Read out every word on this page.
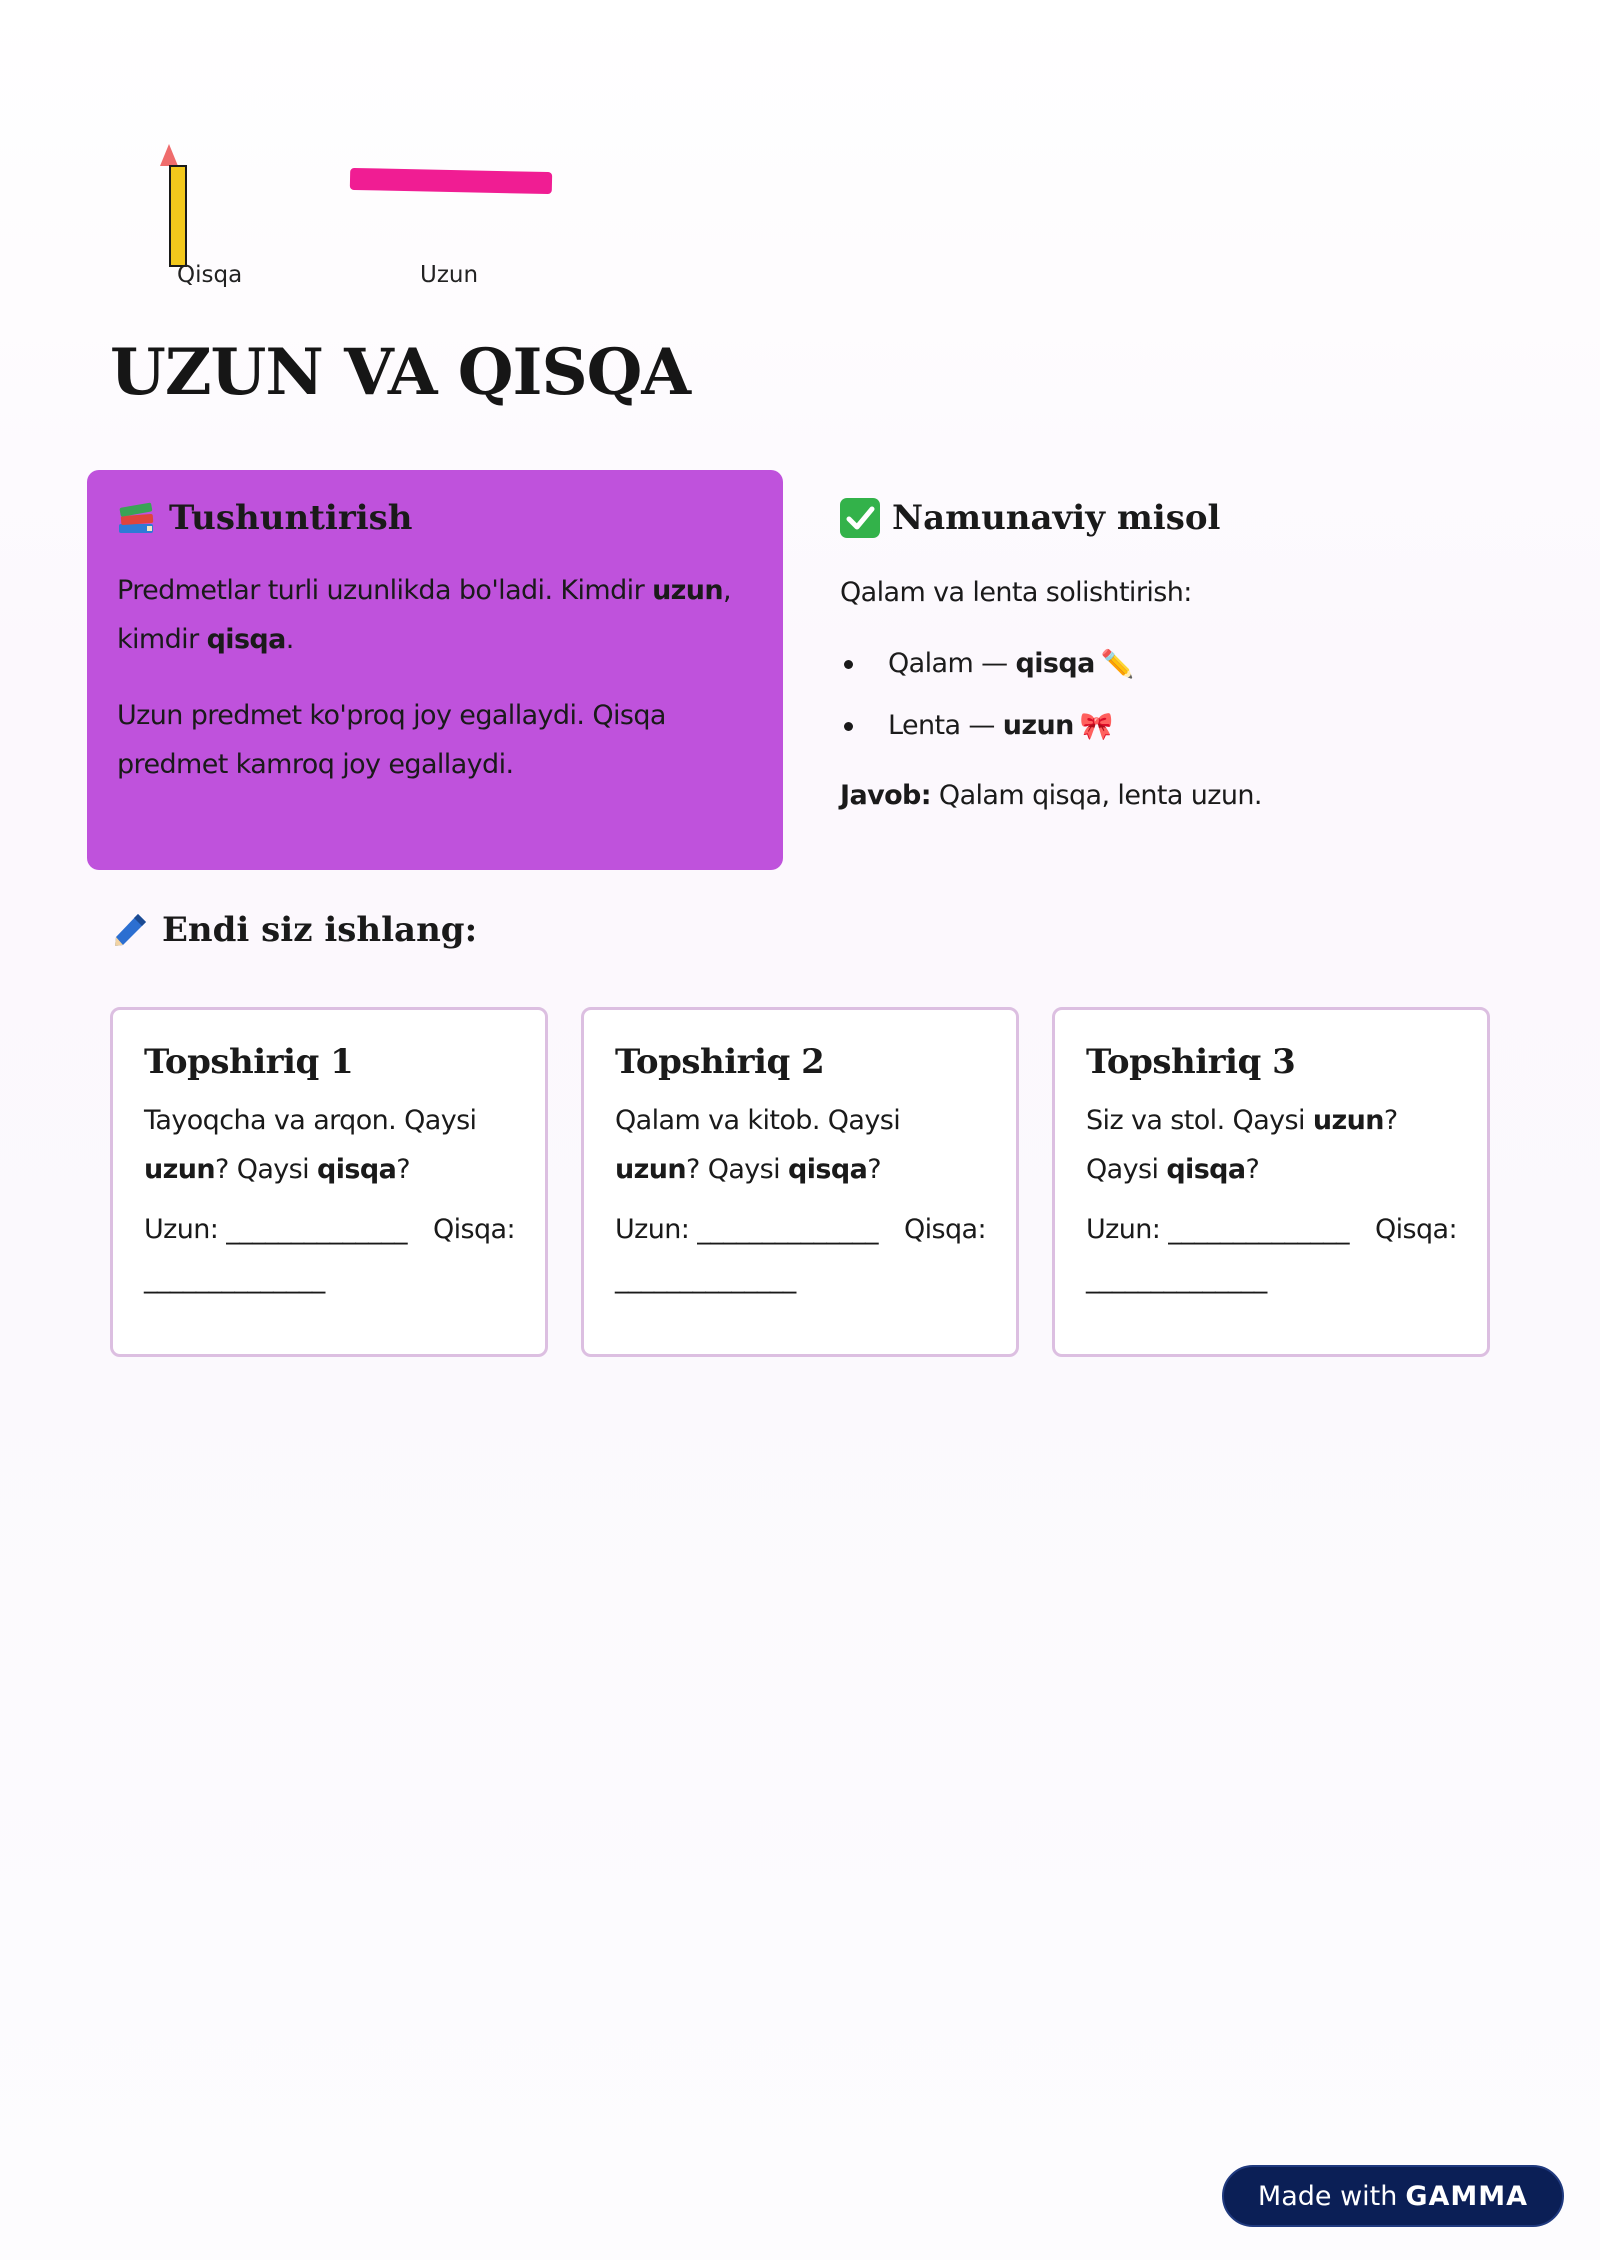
Qisqa	Uzun
UZUN VA QISQA
Tushuntirish

Predmetlar turli uzunlikda bo'ladi. Kimdir uzun, kimdir qisqa.

Uzun predmet ko'proq joy egallaydi. Qisqa predmet kamroq joy egallaydi.

Namunaviy misol

Qalam va lenta solishtirish:

Qalam — qisqa ✏️
Lenta — uzun 🎀

Javob: Qalam qisqa, lenta uzun.

Endi siz ishlang:
Topshiriq 1

Tayoqcha va arqon. Qaysi uzun? Qaysi qisqa?

Uzun: ______________ Qisqa:
______________
Topshiriq 2

Qalam va kitob. Qaysi uzun? Qaysi qisqa?

Uzun: ______________ Qisqa:
______________
Topshiriq 3

Siz va stol. Qaysi uzun? Qaysi qisqa?

Uzun: ______________ Qisqa:
______________
Made with GAMMA
